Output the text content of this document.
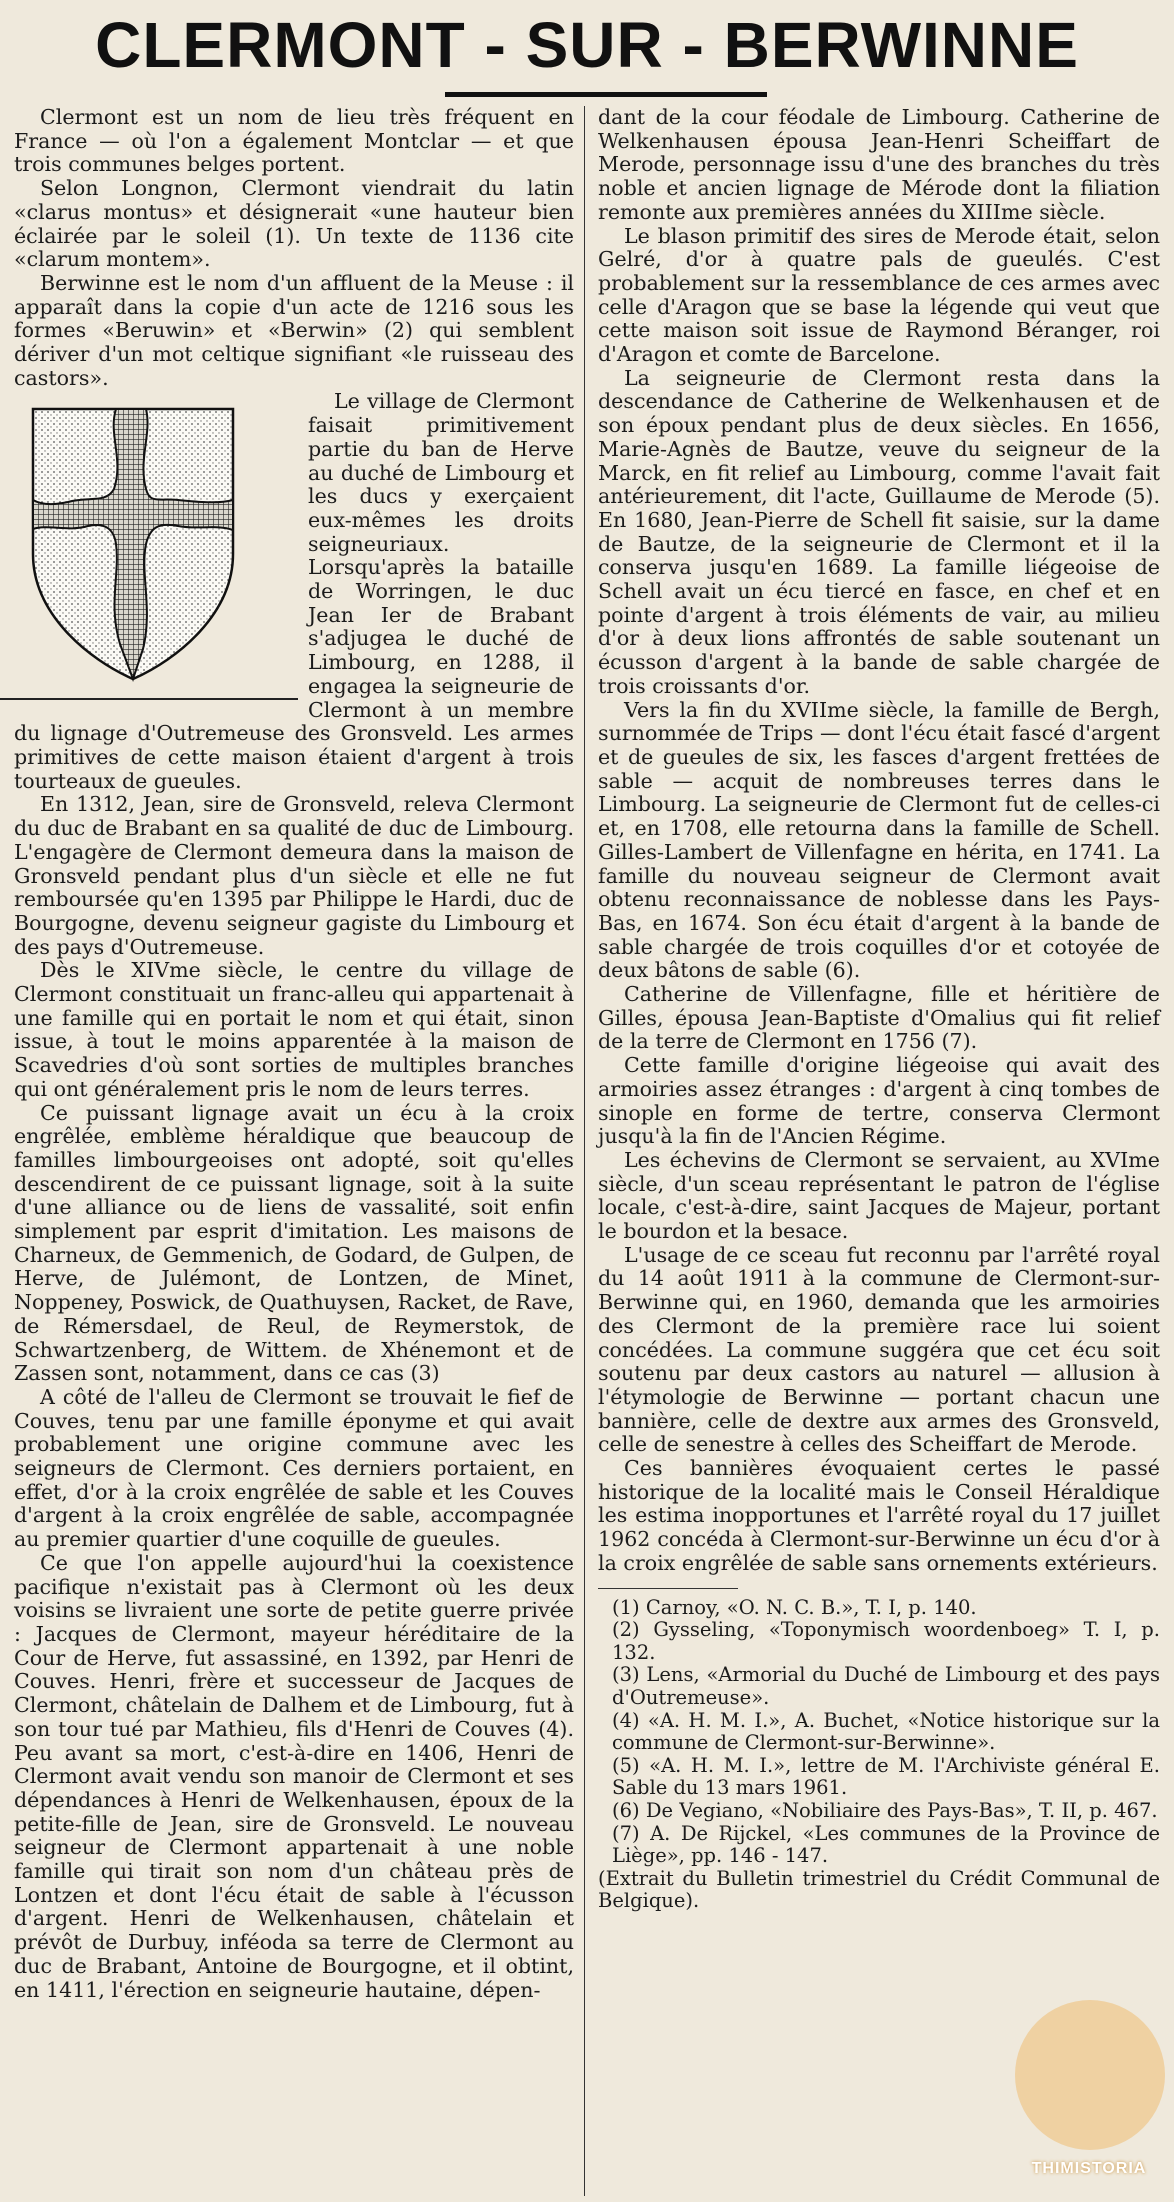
CLERMONT - SUR - BERWINNE

Clermont est un nom de lieu très fréquent en France — où l'on a également Montclar — et que trois communes belges portent.

Selon Longnon, Clermont viendrait du latin «clarus montus» et désignerait «une hauteur bien éclairée par le soleil (1). Un texte de 1136 cite «clarum montem».

Berwinne est le nom d'un affluent de la Meuse : il apparaît dans la copie d'un acte de 1216 sous les formes «Beruwin» et «Berwin» (2) qui semblent dériver d'un mot celtique signifiant «le ruisseau des castors».

Le village de Clermont faisait primitivement partie du ban de Herve au duché de Limbourg et les ducs y exerçaient eux-mêmes les droits seigneuriaux. Lorsqu'après la bataille de Worringen, le duc Jean Ier de Brabant s'adjugea le duché de Limbourg, en 1288, il engagea la seigneurie de Clermont à un membre du lignage d'Outremeuse des Gronsveld. Les armes primitives de cette maison étaient d'argent à trois tourteaux de gueules.

En 1312, Jean, sire de Gronsveld, releva Clermont du duc de Brabant en sa qualité de duc de Limbourg. L'engagère de Clermont demeura dans la maison de Gronsveld pendant plus d'un siècle et elle ne fut remboursée qu'en 1395 par Philippe le Hardi, duc de Bourgogne, devenu seigneur gagiste du Limbourg et des pays d'Outremeuse.

Dès le XIVme siècle, le centre du village de Clermont constituait un franc-alleu qui appartenait à une famille qui en portait le nom et qui était, sinon issue, à tout le moins apparentée à la maison de Scavedries d'où sont sorties de multiples branches qui ont généralement pris le nom de leurs terres.

Ce puissant lignage avait un écu à la croix engrêlée, emblème héraldique que beaucoup de familles limbourgeoises ont adopté, soit qu'elles descendirent de ce puissant lignage, soit à la suite d'une alliance ou de liens de vassalité, soit enfin simplement par esprit d'imitation. Les maisons de Charneux, de Gemmenich, de Godard, de Gulpen, de Herve, de Julémont, de Lontzen, de Minet, Noppeney, Poswick, de Quathuysen, Racket, de Rave, de Rémersdael, de Reul, de Reymerstok, de Schwartzenberg, de Wittem. de Xhénemont et de Zassen sont, notamment, dans ce cas (3)

A côté de l'alleu de Clermont se trouvait le fief de Couves, tenu par une famille éponyme et qui avait probablement une origine commune avec les seigneurs de Clermont. Ces derniers portaient, en effet, d'or à la croix engrêlée de sable et les Couves d'argent à la croix engrêlée de sable, accompagnée au premier quartier d'une coquille de gueules.

Ce que l'on appelle aujourd'hui la coexistence pacifique n'existait pas à Clermont où les deux voisins se livraient une sorte de petite guerre privée : Jacques de Clermont, mayeur héréditaire de la Cour de Herve, fut assassiné, en 1392, par Henri de Couves. Henri, frère et successeur de Jacques de Clermont, châtelain de Dalhem et de Limbourg, fut à son tour tué par Mathieu, fils d'Henri de Couves (4). Peu avant sa mort, c'est-à-dire en 1406, Henri de Clermont avait vendu son manoir de Clermont et ses dépendances à Henri de Welkenhausen, époux de la petite-fille de Jean, sire de Gronsveld. Le nouveau seigneur de Clermont appartenait à une noble famille qui tirait son nom d'un château près de Lontzen et dont l'écu était de sable à l'écusson d'argent. Henri de Welkenhausen, châtelain et prévôt de Durbuy, inféoda sa terre de Clermont au duc de Brabant, Antoine de Bourgogne, et il obtint, en 1411, l'érection en seigneurie hautaine, dépen-

dant de la cour féodale de Limbourg. Catherine de Welkenhausen épousa Jean-Henri Scheiffart de Merode, personnage issu d'une des branches du très noble et ancien lignage de Mérode dont la filiation remonte aux premières années du XIIIme siècle.

Le blason primitif des sires de Merode était, selon Gelré, d'or à quatre pals de gueulés. C'est probablement sur la ressemblance de ces armes avec celle d'Aragon que se base la légende qui veut que cette maison soit issue de Raymond Béranger, roi d'Aragon et comte de Barcelone.

La seigneurie de Clermont resta dans la descendance de Catherine de Welkenhausen et de son époux pendant plus de deux siècles. En 1656, Marie-Agnès de Bautze, veuve du seigneur de la Marck, en fit relief au Limbourg, comme l'avait fait antérieurement, dit l'acte, Guillaume de Merode (5). En 1680, Jean-Pierre de Schell fit saisie, sur la dame de Bautze, de la seigneurie de Clermont et il la conserva jusqu'en 1689. La famille liégeoise de Schell avait un écu tiercé en fasce, en chef et en pointe d'argent à trois éléments de vair, au milieu d'or à deux lions affrontés de sable soutenant un écusson d'argent à la bande de sable chargée de trois croissants d'or.

Vers la fin du XVIIme siècle, la famille de Bergh, surnommée de Trips — dont l'écu était fascé d'argent et de gueules de six, les fasces d'argent frettées de sable — acquit de nombreuses terres dans le Limbourg. La seigneurie de Clermont fut de celles-ci et, en 1708, elle retourna dans la famille de Schell. Gilles-Lambert de Villenfagne en hérita, en 1741. La famille du nouveau seigneur de Clermont avait obtenu reconnaissance de noblesse dans les Pays-Bas, en 1674. Son écu était d'argent à la bande de sable chargée de trois coquilles d'or et cotoyée de deux bâtons de sable (6).

Catherine de Villenfagne, fille et héritière de Gilles, épousa Jean-Baptiste d'Omalius qui fit relief de la terre de Clermont en 1756 (7).

Cette famille d'origine liégeoise qui avait des armoiries assez étranges : d'argent à cinq tombes de sinople en forme de tertre, conserva Clermont jusqu'à la fin de l'Ancien Régime.

Les échevins de Clermont se servaient, au XVIme siècle, d'un sceau représentant le patron de l'église locale, c'est-à-dire, saint Jacques de Majeur, portant le bourdon et la besace.

L'usage de ce sceau fut reconnu par l'arrêté royal du 14 août 1911 à la commune de Clermont-sur-Berwinne qui, en 1960, demanda que les armoiries des Clermont de la première race lui soient concédées. La commune suggéra que cet écu soit soutenu par deux castors au naturel — allusion à l'étymologie de Berwinne — portant chacun une bannière, celle de dextre aux armes des Gronsveld, celle de senestre à celles des Scheiffart de Merode.

Ces bannières évoquaient certes le passé historique de la localité mais le Conseil Héraldique les estima inopportunes et l'arrêté royal du 17 juillet 1962 concéda à Clermont-sur-Berwinne un écu d'or à la croix engrêlée de sable sans ornements extérieurs.

(1) Carnoy, «O. N. C. B.», T. I, p. 140.

(2) Gysseling, «Toponymisch woordenboeg» T. I, p. 132.

(3) Lens, «Armorial du Duché de Limbourg et des pays d'Outremeuse».

(4) «A. H. M. I.», A. Buchet, «Notice historique sur la commune de Clermont-sur-Berwinne».

(5) «A. H. M. I.», lettre de M. l'Archiviste général E. Sable du 13 mars 1961.

(6) De Vegiano, «Nobiliaire des Pays-Bas», T. II, p. 467.

(7) A. De Rijckel, «Les communes de la Province de Liège», pp. 146 - 147.

(Extrait du Bulletin trimestriel du Crédit Communal de Belgique).

THIMISTORIA
